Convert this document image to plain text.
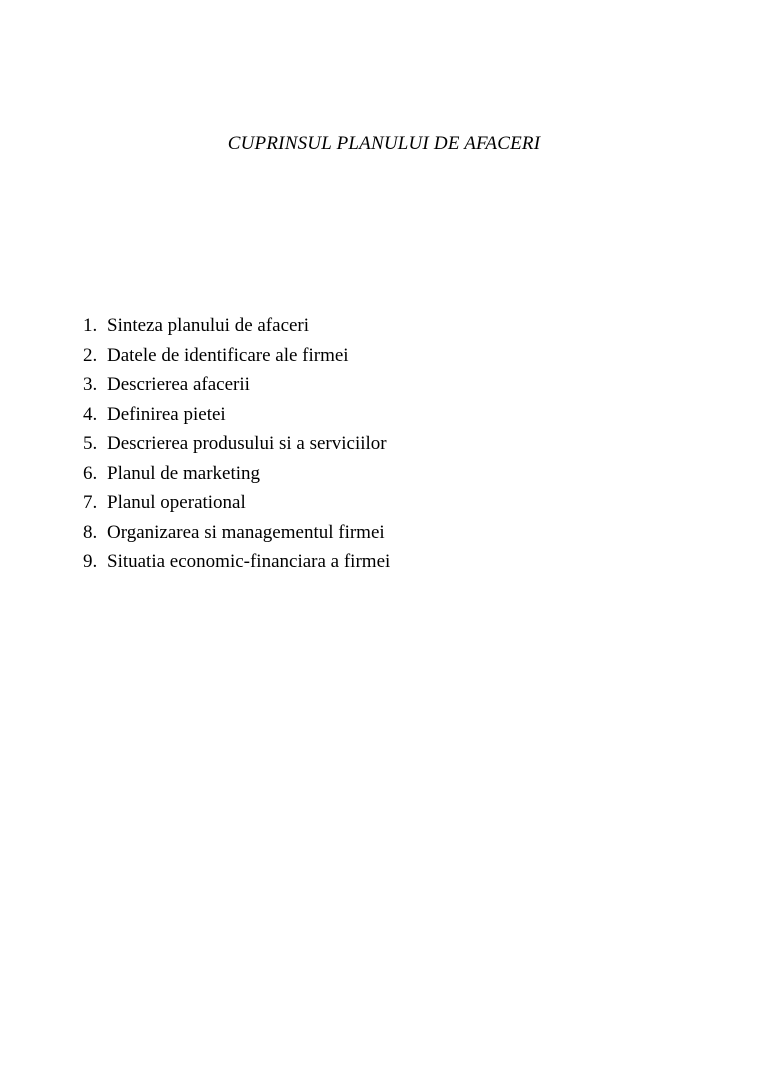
CUPRINSUL PLANULUI DE AFACERI
1. Sinteza planului de afaceri
2. Datele de identificare ale firmei
3. Descrierea afacerii
4. Definirea pietei
5. Descrierea produsului si a serviciilor
6. Planul de marketing
7. Planul operational
8. Organizarea si managementul firmei
9. Situatia economic-financiara a firmei
